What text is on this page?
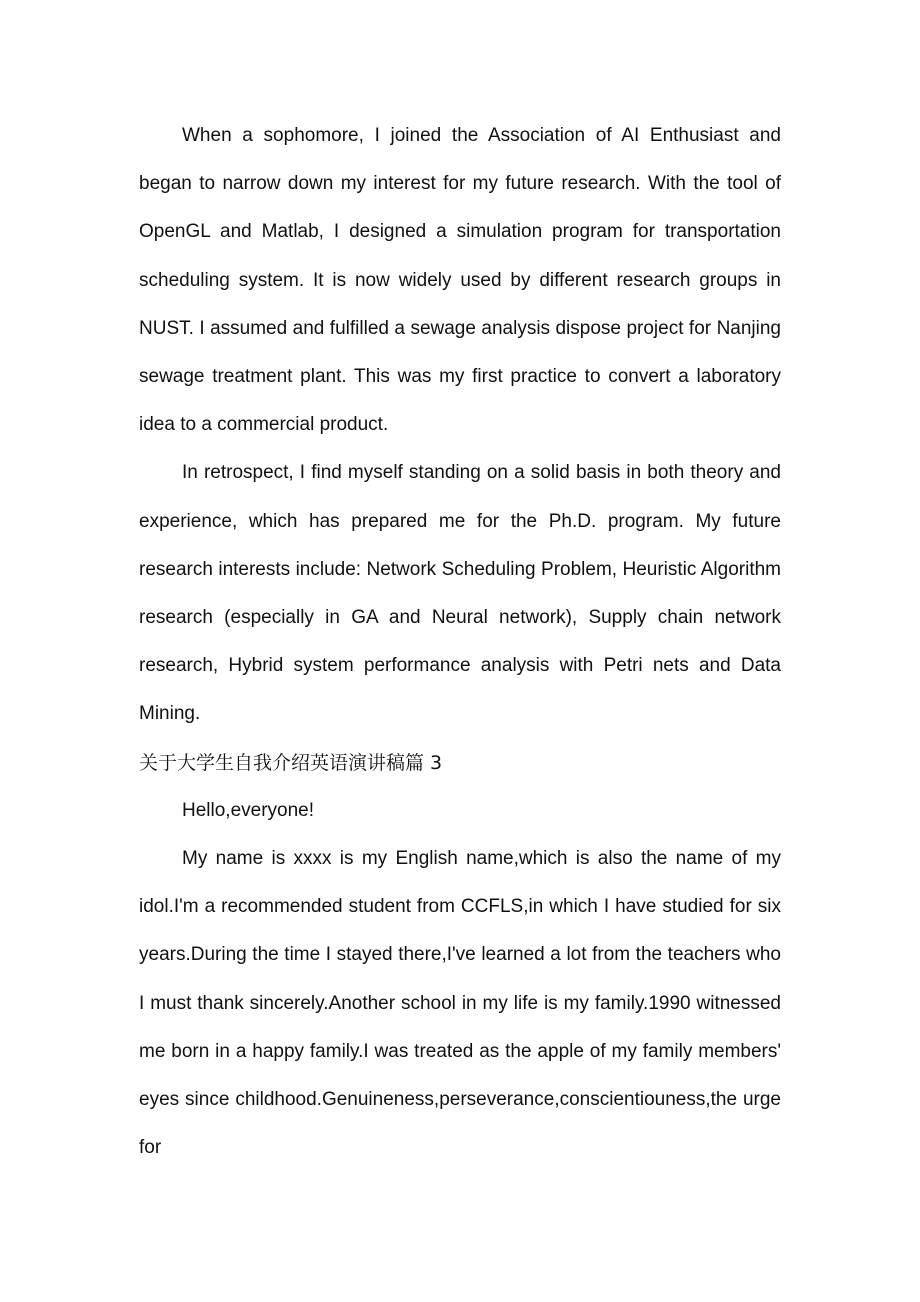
When a sophomore, I joined the Association of AI Enthusiast and began to narrow down my interest for my future research. With the tool of OpenGL and Matlab, I designed a simulation program for transportation scheduling system. It is now widely used by different research groups in NUST. I assumed and fulfilled a sewage analysis dispose project for Nanjing sewage treatment plant. This was my first practice to convert a laboratory idea to a commercial product.

In retrospect, I find myself standing on a solid basis in both theory and experience, which has prepared me for the Ph.D. program. My future research interests include: Network Scheduling Problem, Heuristic Algorithm research (especially in GA and Neural network), Supply chain network research, Hybrid system performance analysis with Petri nets and Data Mining.

关于大学生自我介绍英语演讲稿篇 3

Hello,everyone!

My name is xxxx is my English name,which is also the name of my idol.I'm a recommended student from CCFLS,in which I have studied for six years.During the time I stayed there,I've learned a lot from the teachers who I must thank sincerely.Another school in my life is my family.1990 witnessed me born in a happy family.I was treated as the apple of my family members' eyes since childhood.Genuineness,perseverance,conscientiouness,the urge for
